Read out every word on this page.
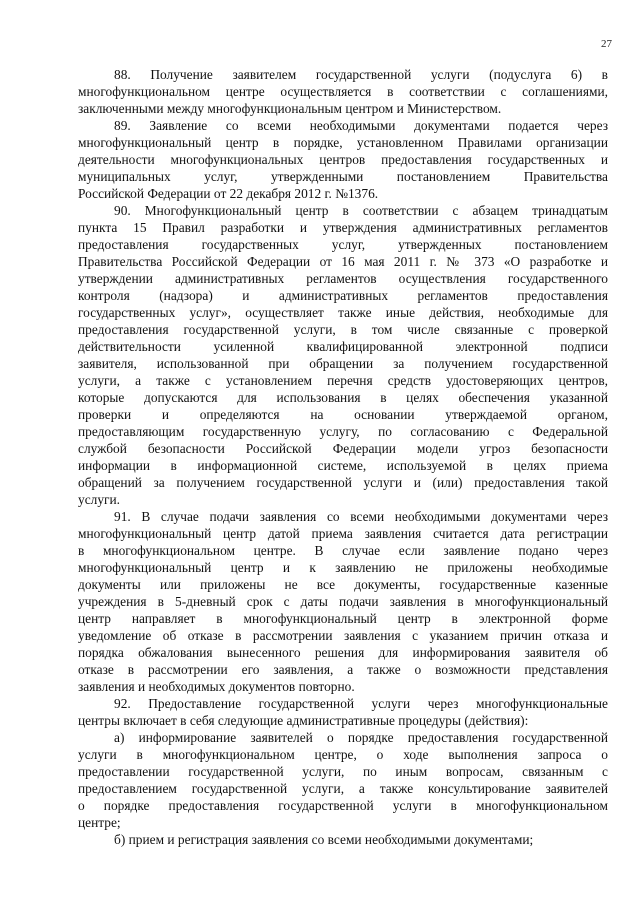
27
88. Получение заявителем государственной услуги (подуслуга 6) в
многофункциональном центре осуществляется в соответствии с соглашениями,
заключенными между многофункциональным центром и Министерством.
89. Заявление со всеми необходимыми документами подается через
многофункциональный центр в порядке, установленном Правилами организации
деятельности многофункциональных центров предоставления государственных и
муниципальных услуг, утвержденными постановлением Правительства
Российской Федерации от 22 декабря 2012 г. №1376.
90. Многофункциональный центр в соответствии с абзацем тринадцатым
пункта 15 Правил разработки и утверждения административных регламентов
предоставления государственных услуг, утвержденных постановлением
Правительства Российской Федерации от 16 мая 2011 г. № 373 «О разработке и
утверждении административных регламентов осуществления государственного
контроля (надзора) и административных регламентов предоставления
государственных услуг», осуществляет также иные действия, необходимые для
предоставления государственной услуги, в том числе связанные с проверкой
действительности усиленной квалифицированной электронной подписи
заявителя, использованной при обращении за получением государственной
услуги, а также с установлением перечня средств удостоверяющих центров,
которые допускаются для использования в целях обеспечения указанной
проверки и определяются на основании утверждаемой органом,
предоставляющим государственную услугу, по согласованию с Федеральной
службой безопасности Российской Федерации модели угроз безопасности
информации в информационной системе, используемой в целях приема
обращений за получением государственной услуги и (или) предоставления такой
услуги.
91. В случае подачи заявления со всеми необходимыми документами через
многофункциональный центр датой приема заявления считается дата регистрации
в многофункциональном центре. В случае если заявление подано через
многофункциональный центр и к заявлению не приложены необходимые
документы или приложены не все документы, государственные казенные
учреждения в 5-дневный срок с даты подачи заявления в многофункциональный
центр направляет в многофункциональный центр в электронной форме
уведомление об отказе в рассмотрении заявления с указанием причин отказа и
порядка обжалования вынесенного решения для информирования заявителя об
отказе в рассмотрении его заявления, а также о возможности представления
заявления и необходимых документов повторно.
92. Предоставление государственной услуги через многофункциональные
центры включает в себя следующие административные процедуры (действия):
а) информирование заявителей о порядке предоставления государственной
услуги в многофункциональном центре, о ходе выполнения запроса о
предоставлении государственной услуги, по иным вопросам, связанным с
предоставлением государственной услуги, а также консультирование заявителей
о порядке предоставления государственной услуги в многофункциональном
центре;
б) прием и регистрация заявления со всеми необходимыми документами;
